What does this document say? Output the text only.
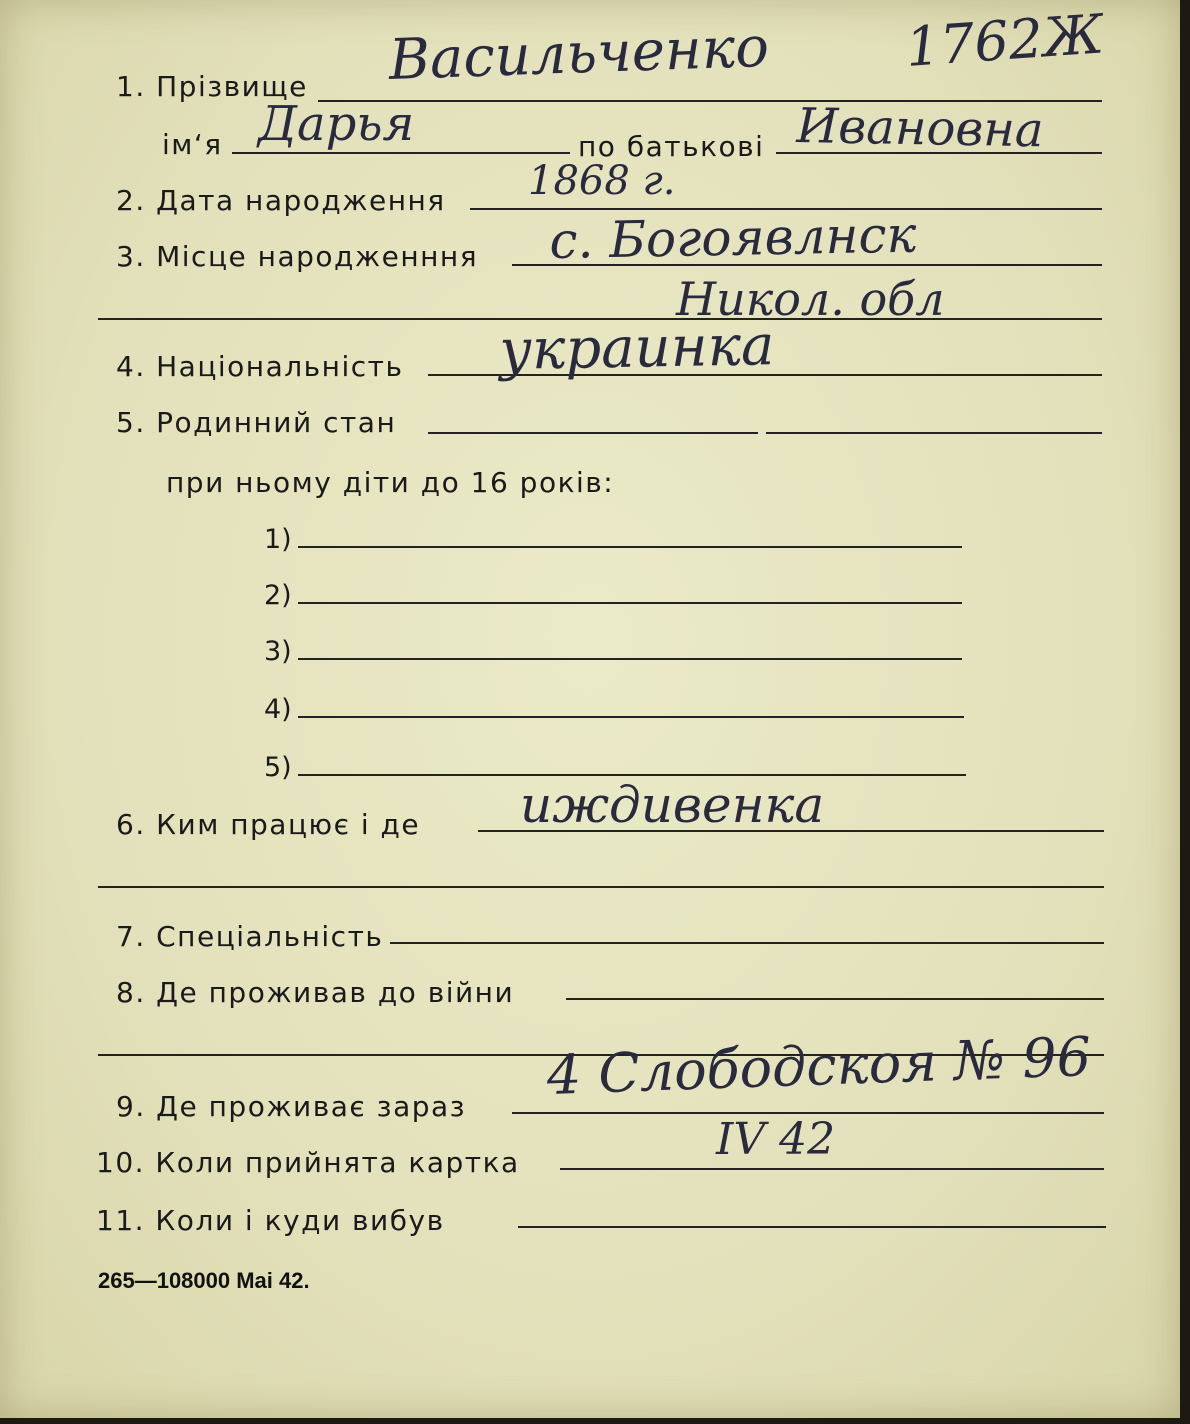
1. Прізвище Васильченко 1762Ж
ім‘я Дарья	по батькові Ивановна
2. Дата народження 1868 г.
3. Місце народженння с. Богоявлнск
Никол. обл
4. Національність украинка
5. Родинний стан
при ньому діти до 16 років:
1)
2)
3)
4)
5)
6. Ким працює і де иждивенка
7. Спеціальність
8. Де проживав до війни
9. Де проживає зараз 4 Слободскоя № 96
10. Коли прийнята картка	IV 42
11. Коли і куди вибув
265—108000 Mai 42.
